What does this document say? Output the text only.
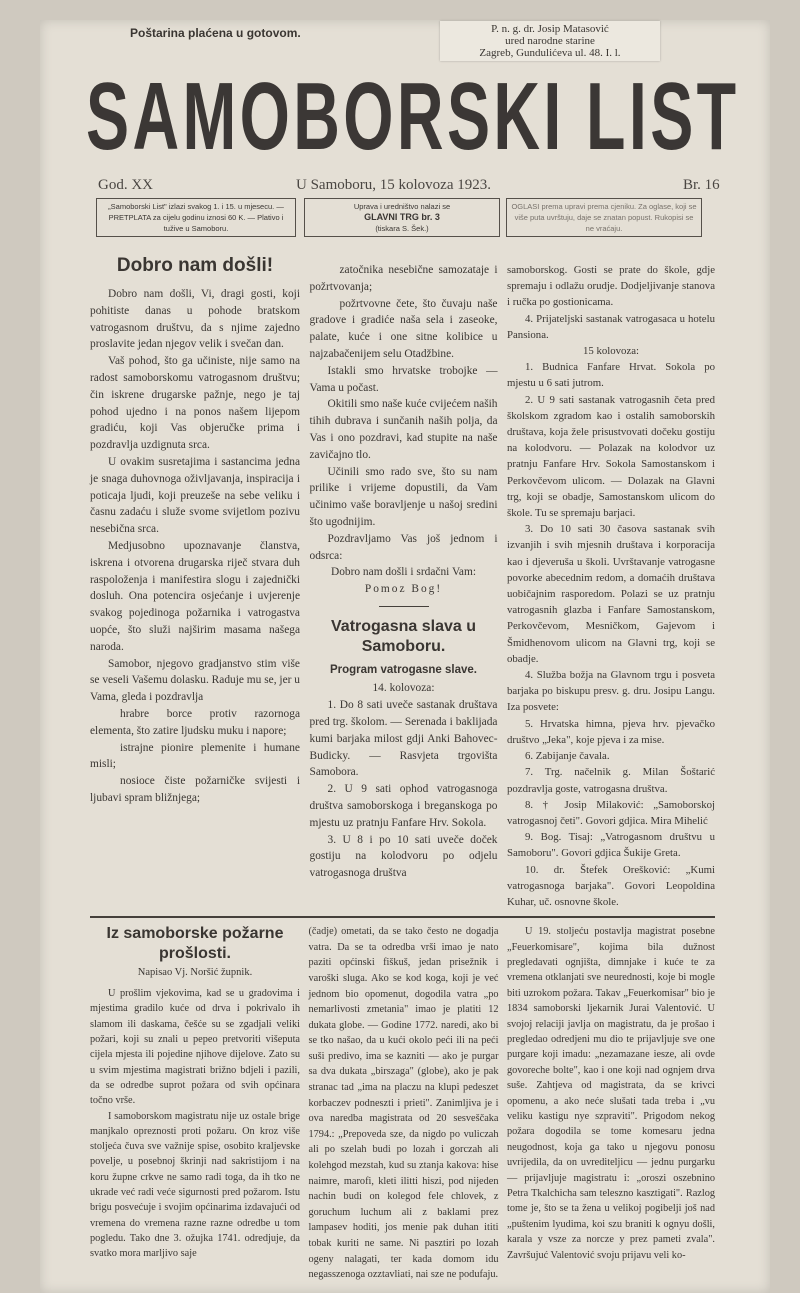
Poštarina plaćena u gotovom.	P. n. g. dr. Josip Matasović
ured narodne starine
Zagreb, Gundulićeva ul. 48. I. l.
SAMOBORSKI LIST
God. XX	U Samoboru, 15 kolovoza 1923.	Br. 16
„Samoborski List" izlazi svakog 1. i 15. u mjesecu. — PRETPLATA za cijelu godinu iznosi 60 K. — Plativo i tužive u Samoboru.
Uprava i uredništvo nalazi se
GLAVNI TRG br. 3
(tiskara S. Šek.)
OGLASI prema upravi prema cjeniku. Za oglase, koji se više puta uvrštuju, daje se znatan popust. Rukopisi se ne vraćaju.
Dobro nam došli!

Dobro nam došli, Vi, dragi gosti, koji pohitiste danas u pohode bratskom vatrogasnom društvu, da s njime zajedno proslavite jedan njegov velik i svečan dan.

Vaš pohod, što ga učiniste, nije samo na radost samoborskomu vatrogasnom društvu; čin iskrene drugarske pažnje, nego je taj pohod ujedno i na ponos našem lijepom gradiću, koji Vas objeručke prima i pozdravlja uzdignuta srca.

U ovakim susretajima i sastancima jedna je snaga duhovnoga oživljavanja, inspiracija i poticaja ljudi, koji preuzeše na sebe veliku i časnu zadaću i služe svome svijetlom pozivu nesebična srca.

Medjusobno upoznavanje članstva, iskrena i otvorena drugarska riječ stvara duh raspoloženja i manifestira slogu i zajednički dosluh. Ona potencira osjećanje i uvjerenje svakog pojedinoga požarnika i vatrogastva uopće, što služi najširim masama našega naroda.

Samobor, njegovo gradjanstvo stim više se veseli Vašemu dolasku. Raduje mu se, jer u Vama, gleda i pozdravlja

hrabre borce protiv razornoga elementa, što zatire ljudsku muku i napore;

istrajne pionire plemenite i humane misli;

nosioce čiste požarničke svijesti i ljubavi spram bližnjega;

zatočnika nesebične samozataje i požrtvovanja;

požrtvovne čete, što čuvaju naše gradove i gradiće naša sela i zaseoke, palate, kuće i one sitne kolibice u najzabačenijem selu Otadžbine.

Istakli smo hrvatske trobojke — Vama u počast.

Okitili smo naše kuće cvijećem naših tihih dubrava i sunčanih naših polja, da Vas i ono pozdravi, kad stupite na naše zavičajno tlo.

Učinili smo rado sve, što su nam prilike i vrijeme dopustili, da Vam učinimo vaše boravljenje u našoj sredini što ugodnijim.

Pozdravljamo Vas još jednom i odsrca:

Dobro nam došli i srdačni Vam:

Pomoz Bog!

Vatrogasna slava u Samoboru.
Program vatrogasne slave.

14. kolovoza:

1. Do 8 sati uveče sastanak društava pred trg. školom. — Serenada i baklijada kumi barjaka milost gdji Anki Bahovec-Budicky. — Rasvjeta trgovišta Samobora.

2. U 9 sati ophod vatrogasnoga društva samoborskoga i breganskoga po mjestu uz pratnju Fanfare Hrv. Sokola.

3. U 8 i po 10 sati uveče doček gostiju na kolodvoru po odjelu vatrogasnoga društva

samoborskog. Gosti se prate do škole, gdje spremaju i odlažu orudje. Dodjeljivanje stanova i ručka po gostionicama.

4. Prijateljski sastanak vatrogasaca u hotelu Pansiona.

15 kolovoza:

1. Budnica Fanfare Hrvat. Sokola po mjestu u 6 sati jutrom.

2. U 9 sati sastanak vatrogasnih četa pred školskom zgradom kao i ostalih samoborskih društava, koja žele prisustvovati dočeku gostiju na kolodvoru. — Polazak na kolodvor uz pratnju Fanfare Hrv. Sokola Samostanskom i Perkovčevom ulicom. — Dolazak na Glavni trg, koji se obadje, Samostanskom ulicom do škole. Tu se spremaju barjaci.

3. Do 10 sati 30 časova sastanak svih izvanjih i svih mjesnih društava i korporacija kao i djeveruša u školi. Uvrštavanje vatrogasne povorke abecednim redom, a domaćih društava uobičajnim rasporedom. Polazi se uz pratnju vatrogasnih glazba i Fanfare Samostanskom, Perkovčevom, Mesničkom, Gajevom i Šmidhenovom ulicom na Glavni trg, koji se obadje.

4. Služba božja na Glavnom trgu i posveta barjaka po biskupu presv. g. dru. Josipu Langu. Iza posvete:

5. Hrvatska himna, pjeva hrv. pjevačko društvo „Jeka", koje pjeva i za mise.

6. Zabijanje čavala.

7. Trg. načelnik g. Milan Šoštarić pozdravlja goste, vatrogasna društva.

8. † Josip Milaković: „Samoborskoj vatrogasnoj četi". Govori gdjica. Mira Mihelić

9. Bog. Tisaj: „Vatrogasnom društvu u Samoboru". Govori gdjica Šukije Greta.

10. dr. Štefek Orešković: „Kumi vatrogasnoga barjaka". Govori Leopoldina Kuhar, uč. osnovne škole.

Iz samoborske požarne prošlosti.
Napisao Vj. Noršić župnik.

U prošlim vjekovima, kad se u gradovima i mjestima gradilo kuće od drva i pokrivalo ih slamom ili daskama, češće su se zgadjali veliki požari, koji su znali u pepeo pretvoriti višeputa cijela mjesta ili pojedine njihove dijelove. Zato su u svim mjestima magistrati brižno bdjeli i pazili, da se odredbe suprot požara od svih općinara točno vrše.

I samoborskom magistratu nije uz ostale brige manjkalo opreznosti proti požaru. On kroz više stoljeća čuva sve važnije spise, osobito kraljevske povelje, u posebnoj škrinji nad sakristijom i na koru župne crkve ne samo radi toga, da ih tko ne ukrade već radi veće sigurnosti pred požarom. Istu brigu posvećuje i svojim općinarima izdavajući od vremena do vremena razne razne odredbe u tom pogledu. Tako dne 3. ožujka 1741. odredjuje, da svatko mora marljivo saje

(čadje) ometati, da se tako često ne dogadja vatra. Da se ta odredba vrši imao je nato paziti općinski fiškuš, jedan prisežnik i varoški sluga. Ako se kod koga, koji je već jednom bio opomenut, dogodila vatra „po nemarlivosti zmetania" imao je platiti 12 dukata globe. — Godine 1772. naredi, ako bi se tko našao, da u kući okolo peći ili na peći suši predivo, ima se kazniti — ako je purgar sa dva dukata „birszaga" (globe), ako je pak stranac tad „ima na placzu na klupi pedeszet korbaczev podneszti i prieti". Zanimljiva je i ova naredba magistrata od 20 sesveščaka 1794.: „Prepoveda sze, da nigdo po vuliczah ali po szelah budi po lozah i gorczah ali kolehgod mezstah, kud su ztanja kakova: hise naimre, marofi, kleti ilitti hiszi, pod nijeden nachin budi on kolegod fele chlovek, z goruchum luchum ali z baklami prez lampasev hoditi, jos menie pak duhan ititi tobak kuriti ne same. Ni pasztiri po lozah ogeny nalagati, ter kada domom idu negasszenoga ozztavliati, nai sze ne podufaju.

U 19. stoljeću postavlja magistrat posebne „Feuerkomisare", kojima bila dužnost pregledavati ognjišta, dimnjake i kuće te za vremena otklanjati sve neurednosti, koje bi mogle biti uzrokom požara. Takav „Feuerkomisar" bio je 1834 samoborski ljekarnik Jurai Valentović. U svojoj relaciji javlja on magistratu, da je prošao i pregledao odredjeni mu dio te prijavljuje sve one purgare koji imadu: „nezamazane iesze, ali ovde govoreche bolte", kao i one koji nad ognjem drva suše. Zahtjeva od magistrata, da se krivci opomenu, a ako neće slušati tada treba i „vu veliku kastigu nye szpraviti". Prigodom nekog požara dogodila se tome komesaru jedna neugodnost, koja ga tako u njegovu ponosu uvrijedila, da on uvrediteljicu — jednu purgarku — prijavljuje magistratu i: „oroszi oszebnino Petra Tkalchicha sam teleszno kasztigati". Razlog tome je, što se ta žena u velikoj pogibelji još nad „puštenim lyudima, koi szu braniti k ognyu došli, karala y vsze za norcze y prez pameti zvala". Završujuć Valentović svoju prijavu veli ko-
